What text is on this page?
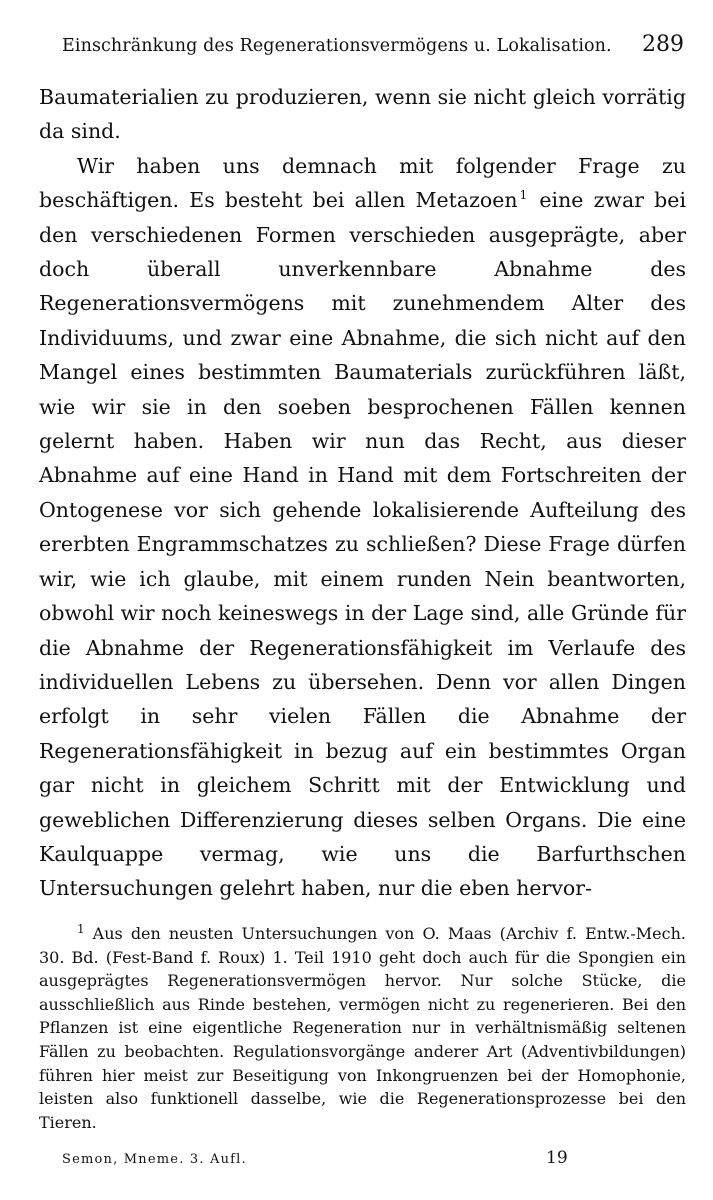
Einschränkung des Regenerationsvermögens u. Lokalisation. 289

Baumaterialien zu produzieren, wenn sie nicht gleich vorrätig da sind.

Wir haben uns demnach mit folgender Frage zu beschäftigen. Es besteht bei allen Metazoen $^1$ eine zwar bei den verschiedenen Formen verschieden ausgeprägte, aber doch überall unverkennbare Abnahme des Regenerationsvermögens mit zunehmendem Alter des Individuums, und zwar eine Abnahme, die sich nicht auf den Mangel eines bestimmten Baumaterials zurückführen läßt, wie wir sie in den soeben besprochenen Fällen kennen gelernt haben. Haben wir nun das Recht, aus dieser Abnahme auf eine Hand in Hand mit dem Fortschreiten der Ontogenese vor sich gehende lokalisierende Aufteilung des ererbten Engrammschatzes zu schließen? Diese Frage dürfen wir, wie ich glaube, mit einem runden Nein beantworten, obwohl wir noch keineswegs in der Lage sind, alle Gründe für die Abnahme der Regenerationsfähigkeit im Verlaufe des individuellen Lebens zu übersehen. Denn vor allen Dingen erfolgt in sehr vielen Fällen die Abnahme der Regenerationsfähigkeit in bezug auf ein bestimmtes Organ gar nicht in gleichem Schritt mit der Entwicklung und geweblichen Differenzierung dieses selben Organs. Die eine Kaulquappe vermag, wie uns die Barfurthschen Untersuchungen gelehrt haben, nur die eben hervor-

$^1$ Aus den neusten Untersuchungen von O. Maas (Archiv f. Entw.-Mech. 30. Bd. (Fest-Band f. Roux) 1. Teil 1910 geht doch auch für die Spongien ein ausgeprägtes Regenerationsvermögen hervor. Nur solche Stücke, die ausschließlich aus Rinde bestehen, vermögen nicht zu regenerieren. Bei den Pflanzen ist eine eigentliche Regeneration nur in verhältnismäßig seltenen Fällen zu beobachten. Regulationsvorgänge anderer Art (Adventivbildungen) führen hier meist zur Beseitigung von Inkongruenzen bei der Homophonie, leisten also funktionell dasselbe, wie die Regenerationsprozesse bei den Tieren.

Semon, Mneme. 3. Aufl.	19
